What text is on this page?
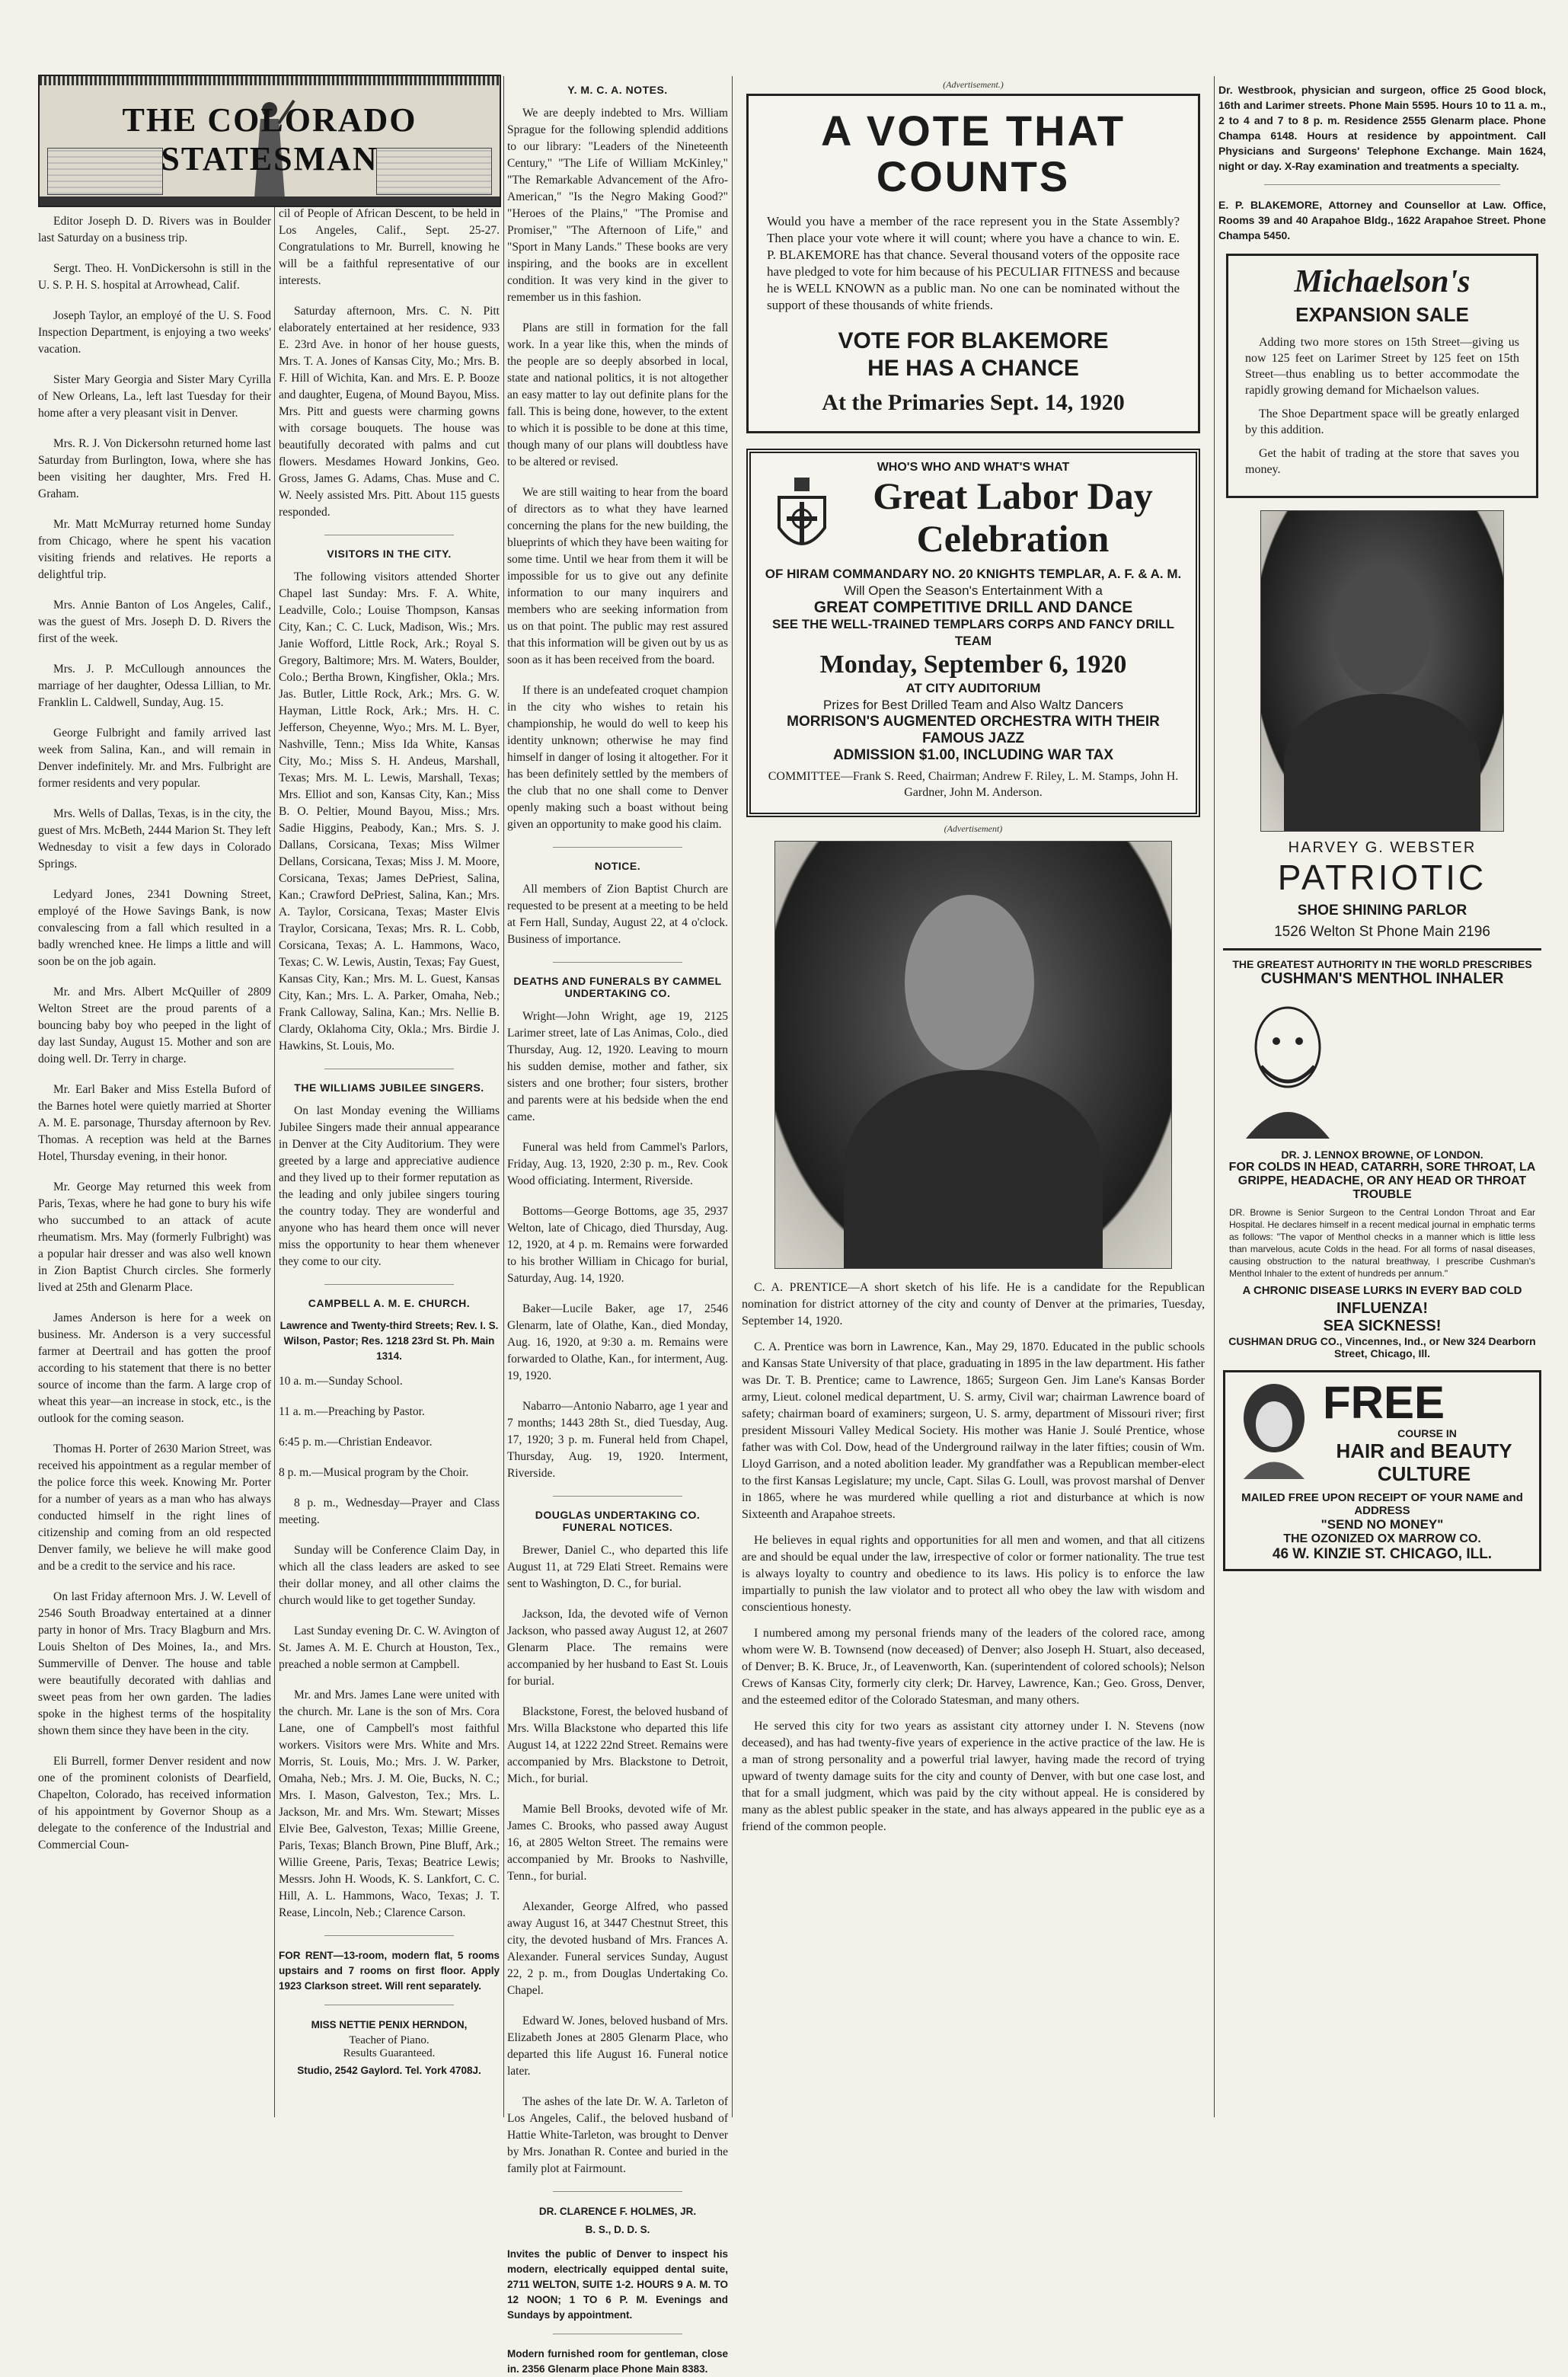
THE COLORADO STATESMAN

Editor Joseph D. D. Rivers was in Boulder last Saturday on a business trip.

Sergt. Theo. H. VonDickersohn is still in the U. S. P. H. S. hospital at Arrowhead, Calif.

Joseph Taylor, an employé of the U. S. Food Inspection Department, is enjoying a two weeks' vacation.

Sister Mary Georgia and Sister Mary Cyrilla of New Orleans, La., left last Tuesday for their home after a very pleasant visit in Denver.

Mrs. R. J. Von Dickersohn returned home last Saturday from Burlington, Iowa, where she has been visiting her daughter, Mrs. Fred H. Graham.

Mr. Matt McMurray returned home Sunday from Chicago, where he spent his vacation visiting friends and relatives. He reports a delightful trip.

Mrs. Annie Banton of Los Angeles, Calif., was the guest of Mrs. Joseph D. D. Rivers the first of the week.

Mrs. J. P. McCullough announces the marriage of her daughter, Odessa Lillian, to Mr. Franklin L. Caldwell, Sunday, Aug. 15.

George Fulbright and family arrived last week from Salina, Kan., and will remain in Denver indefinitely. Mr. and Mrs. Fulbright are former residents and very popular.

Mrs. Wells of Dallas, Texas, is in the city, the guest of Mrs. McBeth, 2444 Marion St. They left Wednesday to visit a few days in Colorado Springs.

Ledyard Jones, 2341 Downing Street, employé of the Howe Savings Bank, is now convalescing from a fall which resulted in a badly wrenched knee. He limps a little and will soon be on the job again.

Mr. and Mrs. Albert McQuiller of 2809 Welton Street are the proud parents of a bouncing baby boy who peeped in the light of day last Sunday, August 15. Mother and son are doing well. Dr. Terry in charge.

Mr. Earl Baker and Miss Estella Buford of the Barnes hotel were quietly married at Shorter A. M. E. parsonage, Thursday afternoon by Rev. Thomas. A reception was held at the Barnes Hotel, Thursday evening, in their honor.

Mr. George May returned this week from Paris, Texas, where he had gone to bury his wife who succumbed to an attack of acute rheumatism. Mrs. May (formerly Fulbright) was a popular hair dresser and was also well known in Zion Baptist Church circles. She formerly lived at 25th and Glenarm Place.

James Anderson is here for a week on business. Mr. Anderson is a very successful farmer at Deertrail and has gotten the proof according to his statement that there is no better source of income than the farm. A large crop of wheat this year—an increase in stock, etc., is the outlook for the coming season.

Thomas H. Porter of 2630 Marion Street, was received his appointment as a regular member of the police force this week. Knowing Mr. Porter for a number of years as a man who has always conducted himself in the right lines of citizenship and coming from an old respected Denver family, we believe he will make good and be a credit to the service and his race.

On last Friday afternoon Mrs. J. W. Levell of 2546 South Broadway entertained at a dinner party in honor of Mrs. Tracy Blagburn and Mrs. Louis Shelton of Des Moines, Ia., and Mrs. Summerville of Denver. The house and table were beautifully decorated with dahlias and sweet peas from her own garden. The ladies spoke in the highest terms of the hospitality shown them since they have been in the city.

Eli Burrell, former Denver resident and now one of the prominent colonists of Dearfield, Chapelton, Colorado, has received information of his appointment by Governor Shoup as a delegate to the conference of the Industrial and Commercial Coun-

cil of People of African Descent, to be held in Los Angeles, Calif., Sept. 25-27. Congratulations to Mr. Burrell, knowing he will be a faithful representative of our interests.

Saturday afternoon, Mrs. C. N. Pitt elaborately entertained at her residence, 933 E. 23rd Ave. in honor of her house guests, Mrs. T. A. Jones of Kansas City, Mo.; Mrs. B. F. Hill of Wichita, Kan. and Mrs. E. P. Booze and daughter, Eugena, of Mound Bayou, Miss. Mrs. Pitt and guests were charming gowns with corsage bouquets. The house was beautifully decorated with palms and cut flowers. Mesdames Howard Jonkins, Geo. Gross, James G. Adams, Chas. Muse and C. W. Neely assisted Mrs. Pitt. About 115 guests responded.

VISITORS IN THE CITY.

The following visitors attended Shorter Chapel last Sunday: Mrs. F. A. White, Leadville, Colo.; Louise Thompson, Kansas City, Kan.; C. C. Luck, Madison, Wis.; Mrs. Janie Wofford, Little Rock, Ark.; Royal S. Gregory, Baltimore; Mrs. M. Waters, Boulder, Colo.; Bertha Brown, Kingfisher, Okla.; Mrs. Jas. Butler, Little Rock, Ark.; Mrs. G. W. Hayman, Little Rock, Ark.; Mrs. H. C. Jefferson, Cheyenne, Wyo.; Mrs. M. L. Byer, Nashville, Tenn.; Miss Ida White, Kansas City, Mo.; Miss S. H. Andeus, Marshall, Texas; Mrs. M. L. Lewis, Marshall, Texas; Mrs. Elliot and son, Kansas City, Kan.; Miss B. O. Peltier, Mound Bayou, Miss.; Mrs. Sadie Higgins, Peabody, Kan.; Mrs. S. J. Dallans, Corsicana, Texas; Miss Wilmer Dellans, Corsicana, Texas; Miss J. M. Moore, Corsicana, Texas; James DePriest, Salina, Kan.; Crawford DePriest, Salina, Kan.; Mrs. A. Taylor, Corsicana, Texas; Master Elvis Traylor, Corsicana, Texas; Mrs. R. L. Cobb, Corsicana, Texas; A. L. Hammons, Waco, Texas; C. W. Lewis, Austin, Texas; Fay Guest, Kansas City, Kan.; Mrs. M. L. Guest, Kansas City, Kan.; Mrs. L. A. Parker, Omaha, Neb.; Frank Calloway, Salina, Kan.; Mrs. Nellie B. Clardy, Oklahoma City, Okla.; Mrs. Birdie J. Hawkins, St. Louis, Mo.

THE WILLIAMS JUBILEE SINGERS.

On last Monday evening the Williams Jubilee Singers made their annual appearance in Denver at the City Auditorium. They were greeted by a large and appreciative audience and they lived up to their former reputation as the leading and only jubilee singers touring the country today. They are wonderful and anyone who has heard them once will never miss the opportunity to hear them whenever they come to our city.

CAMPBELL A. M. E. CHURCH.
Lawrence and Twenty-third Streets; Rev. I. S. Wilson, Pastor; Res. 1218 23rd St. Ph. Main 1314.

10 a. m.—Sunday School.

11 a. m.—Preaching by Pastor.

6:45 p. m.—Christian Endeavor.

8 p. m.—Musical program by the Choir.

8 p. m., Wednesday—Prayer and Class meeting.

Sunday will be Conference Claim Day, in which all the class leaders are asked to see their dollar money, and all other claims the church would like to get together Sunday.

Last Sunday evening Dr. C. W. Avington of St. James A. M. E. Church at Houston, Tex., preached a noble sermon at Campbell.

Mr. and Mrs. James Lane were united with the church. Mr. Lane is the son of Mrs. Cora Lane, one of Campbell's most faithful workers. Visitors were Mrs. White and Mrs. Morris, St. Louis, Mo.; Mrs. J. W. Parker, Omaha, Neb.; Mrs. J. M. Oie, Bucks, N. C.; Mrs. I. Mason, Galveston, Tex.; Mrs. L. Jackson, Mr. and Mrs. Wm. Stewart; Misses Elvie Bee, Galveston, Texas; Millie Greene, Paris, Texas; Blanch Brown, Pine Bluff, Ark.; Willie Greene, Paris, Texas; Beatrice Lewis; Messrs. John H. Woods, K. S. Lankfort, C. C. Hill, A. L. Hammons, Waco, Texas; J. T. Rease, Lincoln, Neb.; Clarence Carson.

FOR RENT—13-room, modern flat, 5 rooms upstairs and 7 rooms on first floor. Apply 1923 Clarkson street. Will rent separately.
MISS NETTIE PENIX HERNDON,
Teacher of Piano.
Results Guaranteed.
Studio, 2542 Gaylord. Tel. York 4708J.
Y. M. C. A. NOTES.

We are deeply indebted to Mrs. William Sprague for the following splendid additions to our library: "Leaders of the Nineteenth Century," "The Life of William McKinley," "The Remarkable Advancement of the Afro-American," "Is the Negro Making Good?" "Heroes of the Plains," "The Promise and Promiser," "The Afternoon of Life," and "Sport in Many Lands." These books are very inspiring, and the books are in excellent condition. It was very kind in the giver to remember us in this fashion.

Plans are still in formation for the fall work. In a year like this, when the minds of the people are so deeply absorbed in local, state and national politics, it is not altogether an easy matter to lay out definite plans for the fall. This is being done, however, to the extent to which it is possible to be done at this time, though many of our plans will doubtless have to be altered or revised.

We are still waiting to hear from the board of directors as to what they have learned concerning the plans for the new building, the blueprints of which they have been waiting for some time. Until we hear from them it will be impossible for us to give out any definite information to our many inquirers and members who are seeking information from us on that point. The public may rest assured that this information will be given out by us as soon as it has been received from the board.

If there is an undefeated croquet champion in the city who wishes to retain his championship, he would do well to keep his identity unknown; otherwise he may find himself in danger of losing it altogether. For it has been definitely settled by the members of the club that no one shall come to Denver openly making such a boast without being given an opportunity to make good his claim.

NOTICE.

All members of Zion Baptist Church are requested to be present at a meeting to be held at Fern Hall, Sunday, August 22, at 4 o'clock. Business of importance.

DEATHS AND FUNERALS BY CAMMEL UNDERTAKING CO.

Wright—John Wright, age 19, 2125 Larimer street, late of Las Animas, Colo., died Thursday, Aug. 12, 1920. Leaving to mourn his sudden demise, mother and father, six sisters and one brother; four sisters, brother and parents were at his bedside when the end came.

Funeral was held from Cammel's Parlors, Friday, Aug. 13, 1920, 2:30 p. m., Rev. Cook Wood officiating. Interment, Riverside.

Bottoms—George Bottoms, age 35, 2937 Welton, late of Chicago, died Thursday, Aug. 12, 1920, at 4 p. m. Remains were forwarded to his brother William in Chicago for burial, Saturday, Aug. 14, 1920.

Baker—Lucile Baker, age 17, 2546 Glenarm, late of Olathe, Kan., died Monday, Aug. 16, 1920, at 9:30 a. m. Remains were forwarded to Olathe, Kan., for interment, Aug. 19, 1920.

Nabarro—Antonio Nabarro, age 1 year and 7 months; 1443 28th St., died Tuesday, Aug. 17, 1920; 3 p. m. Funeral held from Chapel, Thursday, Aug. 19, 1920. Interment, Riverside.

DOUGLAS UNDERTAKING CO. FUNERAL NOTICES.

Brewer, Daniel C., who departed this life August 11, at 729 Elati Street. Remains were sent to Washington, D. C., for burial.

Jackson, Ida, the devoted wife of Vernon Jackson, who passed away August 12, at 2607 Glenarm Place. The remains were accompanied by her husband to East St. Louis for burial.

Blackstone, Forest, the beloved husband of Mrs. Willa Blackstone who departed this life August 14, at 1222 22nd Street. Remains were accompanied by Mrs. Blackstone to Detroit, Mich., for burial.

Mamie Bell Brooks, devoted wife of Mr. James C. Brooks, who passed away August 16, at 2805 Welton Street. The remains were accompanied by Mr. Brooks to Nashville, Tenn., for burial.

Alexander, George Alfred, who passed away August 16, at 3447 Chestnut Street, this city, the devoted husband of Mrs. Frances A. Alexander. Funeral services Sunday, August 22, 2 p. m., from Douglas Undertaking Co. Chapel.

Edward W. Jones, beloved husband of Mrs. Elizabeth Jones at 2805 Glenarm Place, who departed this life August 16. Funeral notice later.

The ashes of the late Dr. W. A. Tarleton of Los Angeles, Calif., the beloved husband of Hattie White-Tarleton, was brought to Denver by Mrs. Jonathan R. Contee and buried in the family plot at Fairmount.

DR. CLARENCE F. HOLMES, JR.
B. S., D. D. S.
Invites the public of Denver to inspect his modern, electrically equipped dental suite, 2711 WELTON, SUITE 1-2. HOURS 9 A. M. TO 12 NOON; 1 TO 6 P. M. Evenings and Sundays by appointment.
Modern furnished room for gentleman, close in. 2356 Glenarm place Phone Main 8383.
(Advertisement.)
A VOTE THAT COUNTS
Would you have a member of the race represent you in the State Assembly? Then place your vote where it will count; where you have a chance to win. E. P. BLAKEMORE has that chance. Several thousand voters of the opposite race have pledged to vote for him because of his PECULIAR FITNESS and because he is WELL KNOWN as a public man. No one can be nominated without the support of these thousands of white friends.
VOTE FOR BLAKEMORE
HE HAS A CHANCE
At the Primaries Sept. 14, 1920
WHO'S WHO AND WHAT'S WHAT
Great Labor Day Celebration
OF HIRAM COMMANDARY NO. 20 KNIGHTS TEMPLAR, A. F. & A. M.
Will Open the Season's Entertainment With a
GREAT COMPETITIVE DRILL AND DANCE
SEE THE WELL-TRAINED TEMPLARS CORPS AND FANCY DRILL TEAM
Monday, September 6, 1920
AT CITY AUDITORIUM
Prizes for Best Drilled Team and Also Waltz Dancers
MORRISON'S AUGMENTED ORCHESTRA WITH THEIR FAMOUS JAZZ
ADMISSION $1.00, INCLUDING WAR TAX
COMMITTEE—Frank S. Reed, Chairman; Andrew F. Riley, L. M. Stamps, John H. Gardner, John M. Anderson.
(Advertisement)

C. A. PRENTICE—A short sketch of his life. He is a candidate for the Republican nomination for district attorney of the city and county of Denver at the primaries, Tuesday, September 14, 1920.

C. A. Prentice was born in Lawrence, Kan., May 29, 1870. Educated in the public schools and Kansas State University of that place, graduating in 1895 in the law department. His father was Dr. T. B. Prentice; came to Lawrence, 1865; Surgeon Gen. Jim Lane's Kansas Border army, Lieut. colonel medical department, U. S. army, Civil war; chairman Lawrence board of safety; chairman board of examiners; surgeon, U. S. army, department of Missouri river; first president Missouri Valley Medical Society. His mother was Hanie J. Soulé Prentice, whose father was with Col. Dow, head of the Underground railway in the later fifties; cousin of Wm. Lloyd Garrison, and a noted abolition leader. My grandfather was a Republican member-elect to the first Kansas Legislature; my uncle, Capt. Silas G. Loull, was provost marshal of Denver in 1865, where he was murdered while quelling a riot and disturbance at which is now Sixteenth and Arapahoe streets.

He believes in equal rights and opportunities for all men and women, and that all citizens are and should be equal under the law, irrespective of color or former nationality. The true test is always loyalty to country and obedience to its laws. His policy is to enforce the law impartially to punish the law violator and to protect all who obey the law with wisdom and conscientious honesty.

I numbered among my personal friends many of the leaders of the colored race, among whom were W. B. Townsend (now deceased) of Denver; also Joseph H. Stuart, also deceased, of Denver; B. K. Bruce, Jr., of Leavenworth, Kan. (superintendent of colored schools); Nelson Crews of Kansas City, formerly city clerk; Dr. Harvey, Lawrence, Kan.; Geo. Gross, Denver, and the esteemed editor of the Colorado Statesman, and many others.

He served this city for two years as assistant city attorney under I. N. Stevens (now deceased), and has had twenty-five years of experience in the active practice of the law. He is a man of strong personality and a powerful trial lawyer, having made the record of trying upward of twenty damage suits for the city and county of Denver, with but one case lost, and that for a small judgment, which was paid by the city without appeal. He is considered by many as the ablest public speaker in the state, and has always appeared in the public eye as a friend of the common people.

Dr. Westbrook, physician and surgeon, office 25 Good block, 16th and Larimer streets. Phone Main 5595. Hours 10 to 11 a. m., 2 to 4 and 7 to 8 p. m. Residence 2555 Glenarm place. Phone Champa 6148. Hours at residence by appointment. Call Physicians and Surgeons' Telephone Exchange. Main 1624, night or day. X-Ray examination and treatments a specialty.
E. P. BLAKEMORE, Attorney and Counsellor at Law. Office, Rooms 39 and 40 Arapahoe Bldg., 1622 Arapahoe Street. Phone Champa 5450.
Michaelson's
EXPANSION SALE

Adding two more stores on 15th Street—giving us now 125 feet on Larimer Street by 125 feet on 15th Street—thus enabling us to better accommodate the rapidly growing demand for Michaelson values.

The Shoe Department space will be greatly enlarged by this addition.

Get the habit of trading at the store that saves you money.

HARVEY G. WEBSTER
PATRIOTIC
SHOE SHINING PARLOR
1526 Welton St Phone Main 2196
THE GREATEST AUTHORITY IN THE WORLD PRESCRIBES
CUSHMAN'S MENTHOL INHALER
DR. J. LENNOX BROWNE, OF LONDON.
FOR COLDS IN HEAD, CATARRH, SORE THROAT, LA GRIPPE, HEADACHE, OR ANY HEAD OR THROAT TROUBLE
DR. Browne is Senior Surgeon to the Central London Throat and Ear Hospital. He declares himself in a recent medical journal in emphatic terms as follows: "The vapor of Menthol checks in a manner which is little less than marvelous, acute Colds in the head. For all forms of nasal diseases, causing obstruction to the natural breathway, I prescribe Cushman's Menthol Inhaler to the extent of hundreds per annum."
A CHRONIC DISEASE LURKS IN EVERY BAD COLD
INFLUENZA!
SEA SICKNESS!
CUSHMAN DRUG CO., Vincennes, Ind., or New 324 Dearborn Street, Chicago, Ill.
FREE
COURSE IN
HAIR and BEAUTY CULTURE
MAILED FREE UPON RECEIPT OF YOUR NAME and ADDRESS
"SEND NO MONEY"
THE OZONIZED OX MARROW CO.
46 W. KINZIE ST. CHICAGO, ILL.
